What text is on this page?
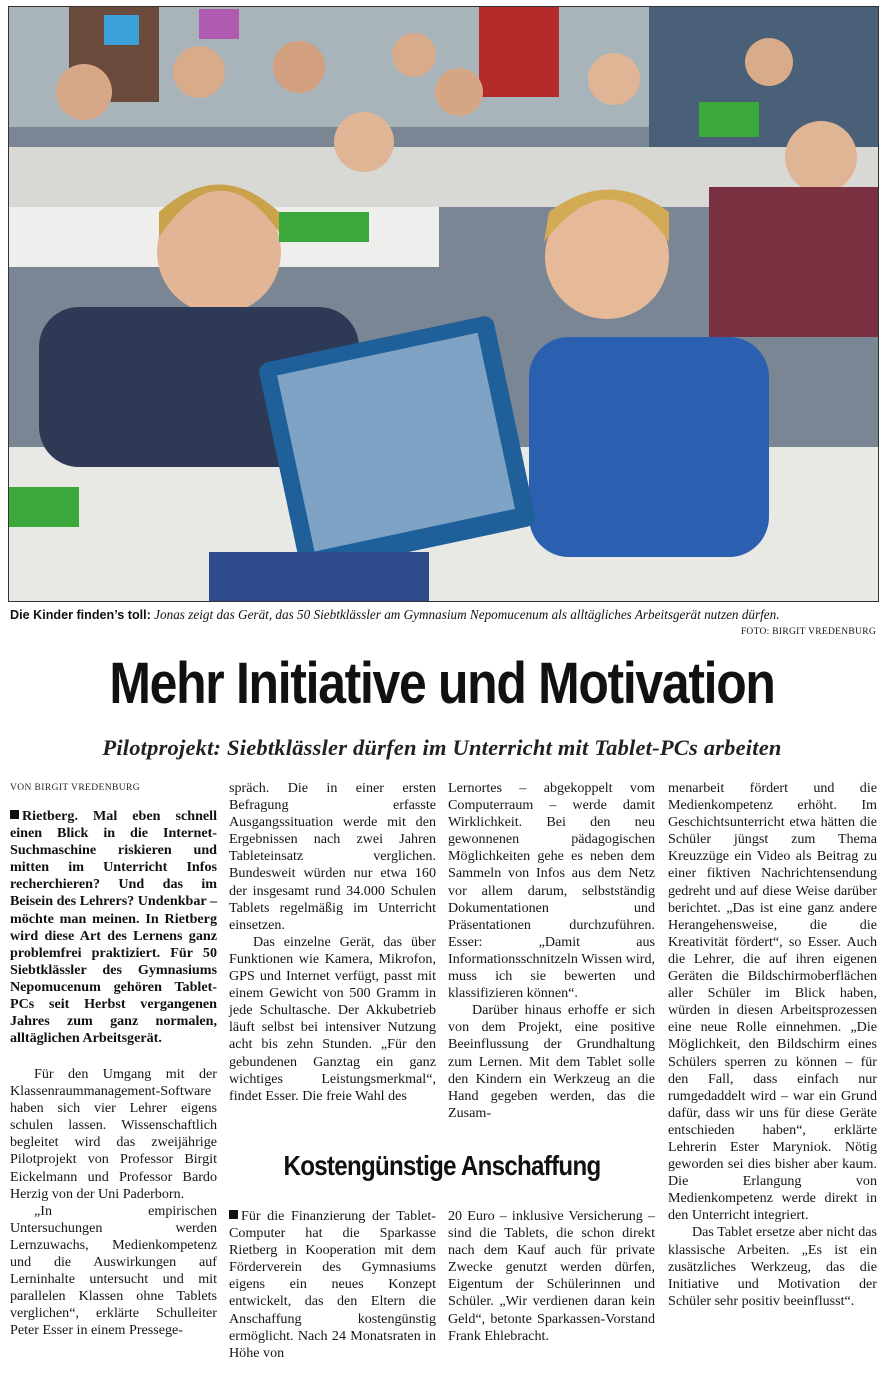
Die Kinder finden’s toll: Jonas zeigt das Gerät, das 50 Siebtklässler am Gymnasium Nepomucenum als alltägliches Arbeitsgerät nutzen dürfen.
FOTO: BIRGIT VREDENBURG
Mehr Initiative und Motivation
Pilotprojekt: Siebtklässler dürfen im Unterricht mit Tablet-PCs arbeiten
VON BIRGIT VREDENBURG
Rietberg. Mal eben schnell einen Blick in die Internet-Suchmaschine riskieren und mitten im Unterricht Infos recherchieren? Und das im Beisein des Lehrers? Undenkbar – möchte man meinen. In Rietberg wird diese Art des Lernens ganz problemfrei praktiziert. Für 50 Siebtklässler des Gymnasiums Nepomucenum gehören Tablet-PCs seit Herbst vergangenen Jahres zum ganz normalen, alltäglichen Arbeitsgerät.

Für den Umgang mit der Klassenraummanagement-Software haben sich vier Lehrer eigens schulen lassen. Wissenschaftlich begleitet wird das zweijährige Pilotprojekt von Professor Birgit Eickelmann und Professor Bardo Herzig von der Uni Paderborn.

„In empirischen Untersuchungen werden Lernzuwachs, Medienkompetenz und die Auswirkungen auf Lerninhalte untersucht und mit parallelen Klassen ohne Tablets verglichen“, erklärte Schulleiter Peter Esser in einem Pressege-

spräch. Die in einer ersten Befragung erfasste Ausgangssituation werde mit den Ergebnissen nach zwei Jahren Tableteinsatz verglichen. Bundesweit würden nur etwa 160 der insgesamt rund 34.000 Schulen Tablets regelmäßig im Unterricht einsetzen.

Das einzelne Gerät, das über Funktionen wie Kamera, Mikrofon, GPS und Internet verfügt, passt mit einem Gewicht von 500 Gramm in jede Schultasche. Der Akkubetrieb läuft selbst bei intensiver Nutzung acht bis zehn Stunden. „Für den gebundenen Ganztag ein ganz wichtiges Leistungsmerkmal“, findet Esser. Die freie Wahl des

Lernortes – abgekoppelt vom Computerraum – werde damit Wirklichkeit. Bei den neu gewonnenen pädagogischen Möglichkeiten gehe es neben dem Sammeln von Infos aus dem Netz vor allem darum, selbstständig Dokumentationen und Präsentationen durchzuführen. Esser: „Damit aus Informationsschnitzeln Wissen wird, muss ich sie bewerten und klassifizieren können“.

Darüber hinaus erhoffe er sich von dem Projekt, eine positive Beeinflussung der Grundhaltung zum Lernen. Mit dem Tablet solle den Kindern ein Werkzeug an die Hand gegeben werden, das die Zusam-

menarbeit fördert und die Medienkompetenz erhöht. Im Geschichtsunterricht etwa hätten die Schüler jüngst zum Thema Kreuzzüge ein Video als Beitrag zu einer fiktiven Nachrichtensendung gedreht und auf diese Weise darüber berichtet. „Das ist eine ganz andere Herangehensweise, die die Kreativität fördert“, so Esser. Auch die Lehrer, die auf ihren eigenen Geräten die Bildschirmoberflächen aller Schüler im Blick haben, würden in diesen Arbeitsprozessen eine neue Rolle einnehmen. „Die Möglichkeit, den Bildschirm eines Schülers sperren zu können – für den Fall, dass einfach nur rumgedaddelt wird – war ein Grund dafür, dass wir uns für diese Geräte entschieden haben“, erklärte Lehrerin Ester Maryniok. Nötig geworden sei dies bisher aber kaum. Die Erlangung von Medienkompetenz werde direkt in den Unterricht integriert.

Das Tablet ersetze aber nicht das klassische Arbeiten. „Es ist ein zusätzliches Werkzeug, das die Initiative und Motivation der Schüler sehr positiv beeinflusst“.

Kostengünstige Anschaffung

Für die Finanzierung der Tablet-Computer hat die Sparkasse Rietberg in Kooperation mit dem Förderverein des Gymnasiums eigens ein neues Konzept entwickelt, das den Eltern die Anschaffung kostengünstig ermöglicht. Nach 24 Monatsraten in Höhe von

20 Euro – inklusive Versicherung – sind die Tablets, die schon direkt nach dem Kauf auch für private Zwecke genutzt werden dürfen, Eigentum der Schülerinnen und Schüler. „Wir verdienen daran kein Geld“, betonte Sparkassen-Vorstand Frank Ehlebracht.
